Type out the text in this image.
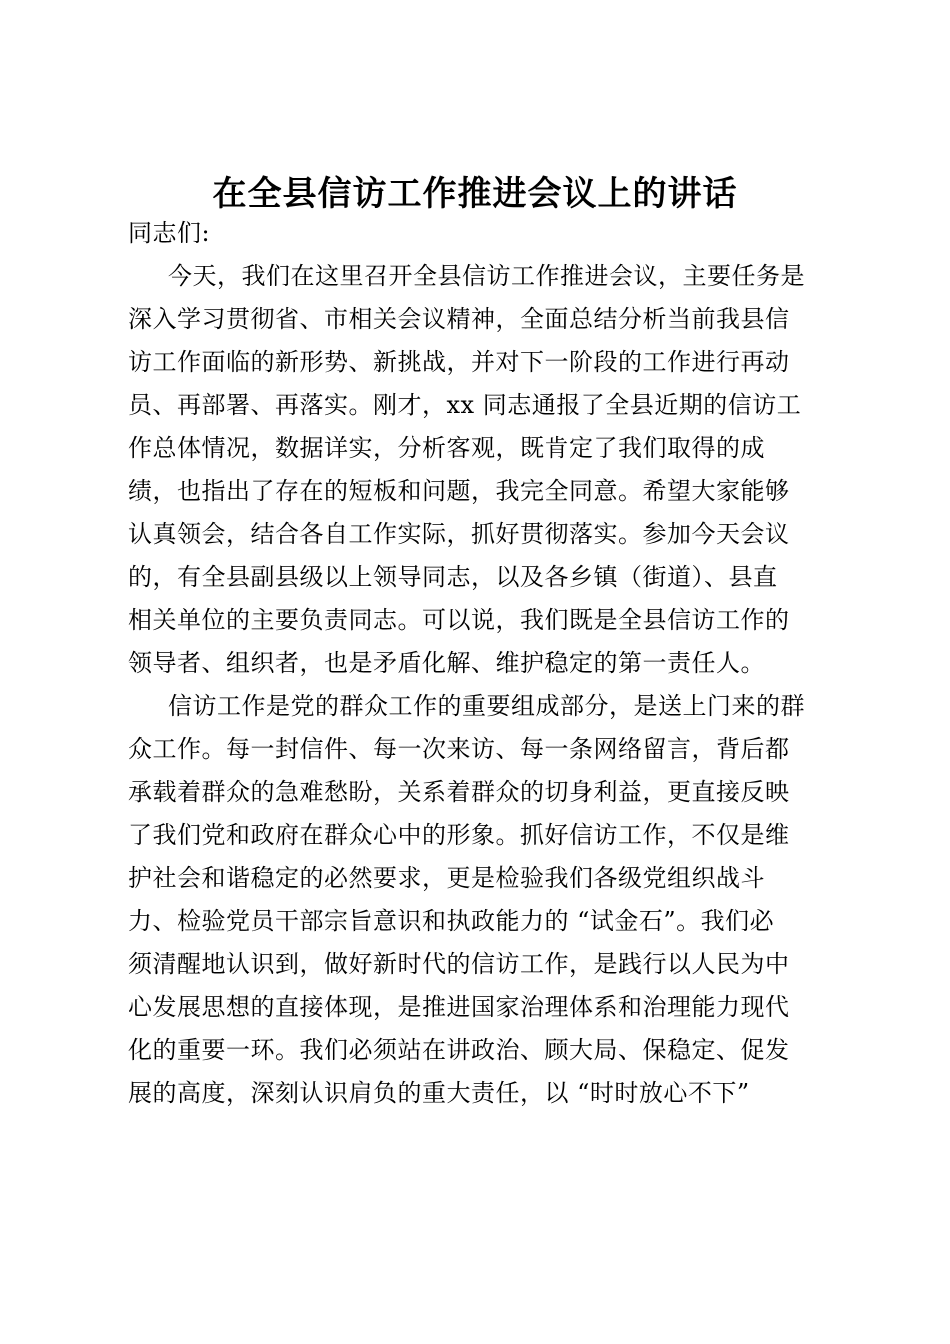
在全县信访工作推进会议上的讲话
同志们:
今天，我们在这里召开全县信访工作推进会议，主要任务是
深入学习贯彻省、市相关会议精神，全面总结分析当前我县信
访工作面临的新形势、新挑战，并对下一阶段的工作进行再动
员、再部署、再落实。刚才，xx 同志通报了全县近期的信访工
作总体情况，数据详实，分析客观，既肯定了我们取得的成
绩，也指出了存在的短板和问题，我完全同意。希望大家能够
认真领会，结合各自工作实际，抓好贯彻落实。参加今天会议
的，有全县副县级以上领导同志，以及各乡镇（街道）、县直
相关单位的主要负责同志。可以说，我们既是全县信访工作的
领导者、组织者，也是矛盾化解、维护稳定的第一责任人。
信访工作是党的群众工作的重要组成部分，是送上门来的群
众工作。每一封信件、每一次来访、每一条网络留言，背后都
承载着群众的急难愁盼，关系着群众的切身利益，更直接反映
了我们党和政府在群众心中的形象。抓好信访工作，不仅是维
护社会和谐稳定的必然要求，更是检验我们各级党组织战斗
力、检验党员干部宗旨意识和执政能力的 “试金石”。我们必
须清醒地认识到，做好新时代的信访工作，是践行以人民为中
心发展思想的直接体现，是推进国家治理体系和治理能力现代
化的重要一环。我们必须站在讲政治、顾大局、保稳定、促发
展的高度，深刻认识肩负的重大责任，以 “时时放心不下”
